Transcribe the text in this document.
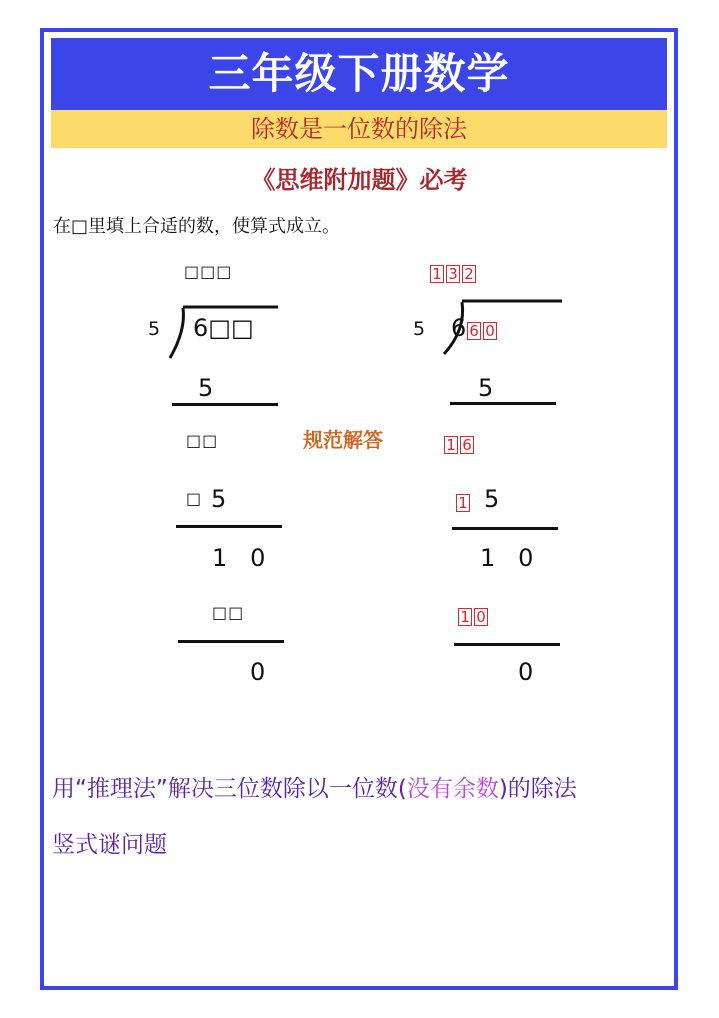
三年级下册数学
除数是一位数的除法
《思维附加题》必考
在□里填上合适的数，使算式成立。
□□□
5 6□□
5
□□
□ 5
1   0
□□
0
规范解答
1 3 2
5 6 6 0
5
1 6
1 5
1   0
1 0
0
用“推理法”解决三位数除以一位数(没有余数)的除法
竖式谜问题
